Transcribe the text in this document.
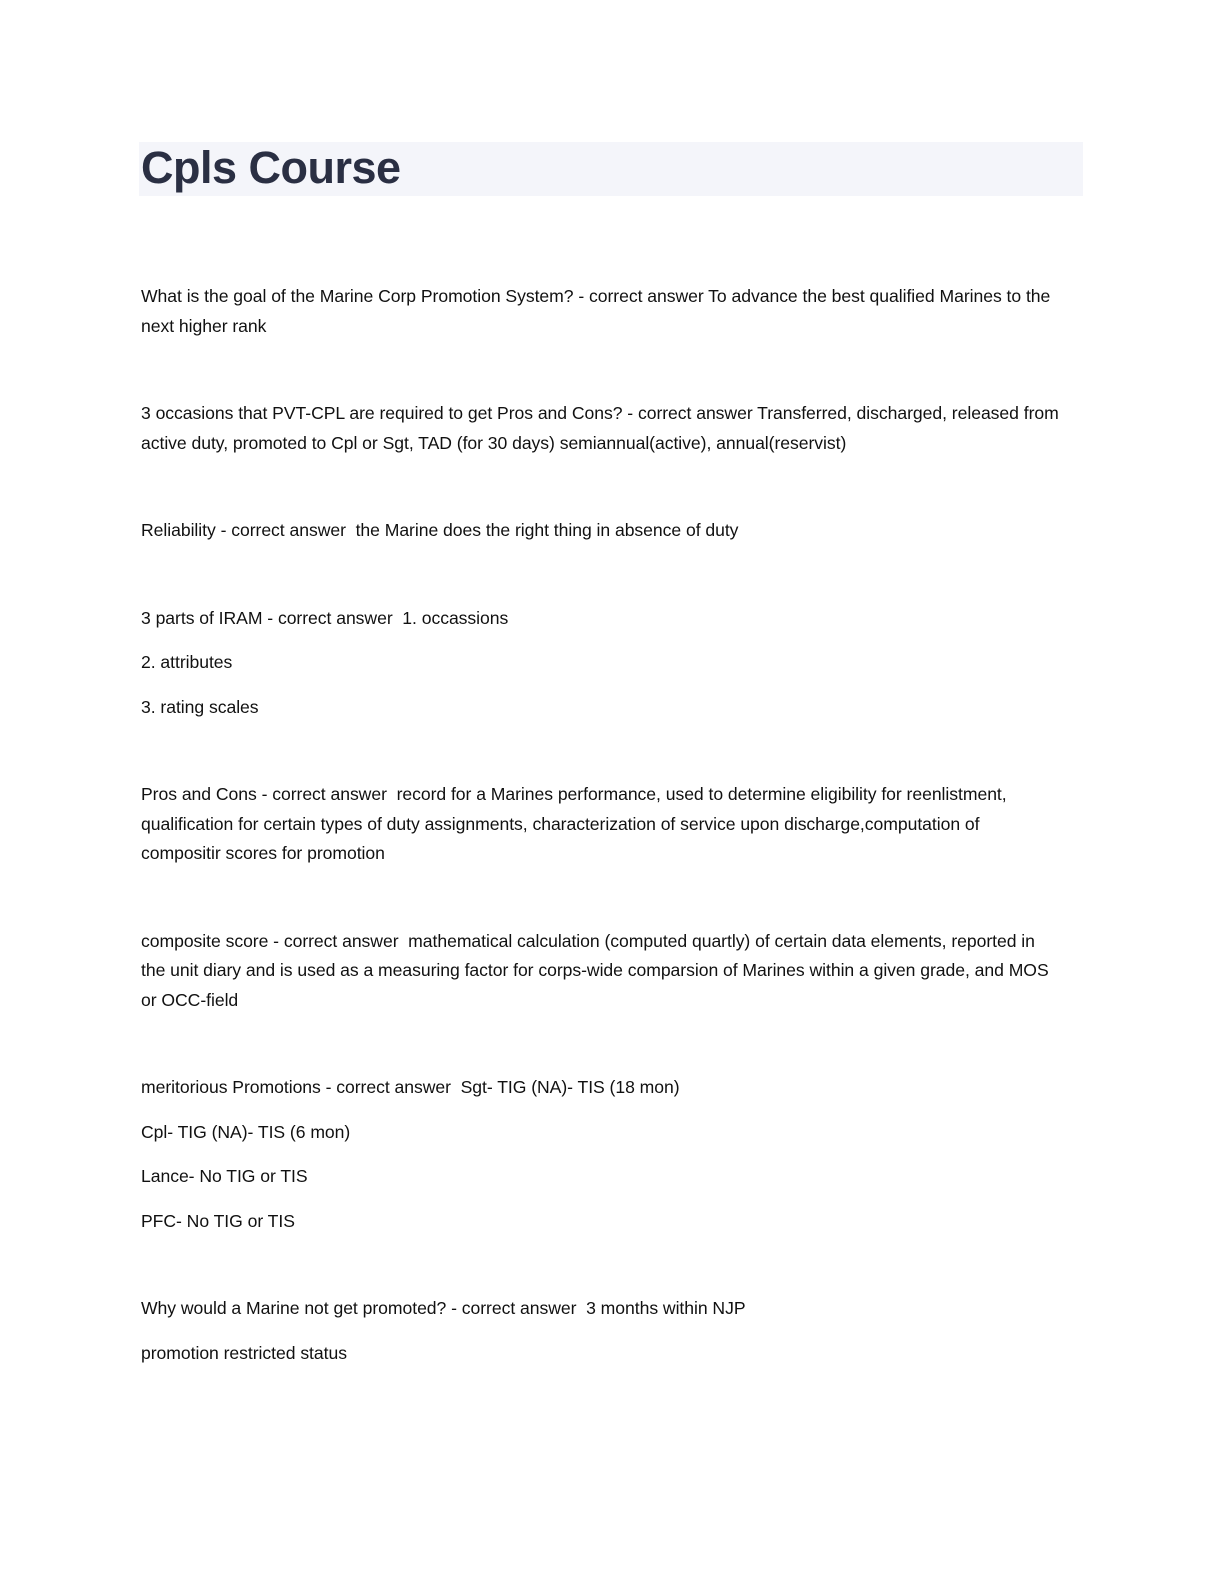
Cpls Course

What is the goal of the Marine Corp Promotion System? - correct answer To advance the best qualified Marines to the next higher rank

3 occasions that PVT-CPL are required to get Pros and Cons? - correct answer Transferred, discharged, released from active duty, promoted to Cpl or Sgt, TAD (for 30 days) semiannual(active), annual(reservist)

Reliability - correct answer  the Marine does the right thing in absence of duty

3 parts of IRAM - correct answer  1. occassions

2. attributes

3. rating scales

Pros and Cons - correct answer  record for a Marines performance, used to determine eligibility for reenlistment, qualification for certain types of duty assignments, characterization of service upon discharge,computation of compositir scores for promotion

composite score - correct answer  mathematical calculation (computed quartly) of certain data elements, reported in the unit diary and is used as a measuring factor for corps-wide comparsion of Marines within a given grade, and MOS or OCC-field

meritorious Promotions - correct answer  Sgt- TIG (NA)- TIS (18 mon)

Cpl- TIG (NA)- TIS (6 mon)

Lance- No TIG or TIS

PFC- No TIG or TIS

Why would a Marine not get promoted? - correct answer  3 months within NJP

promotion restricted status
